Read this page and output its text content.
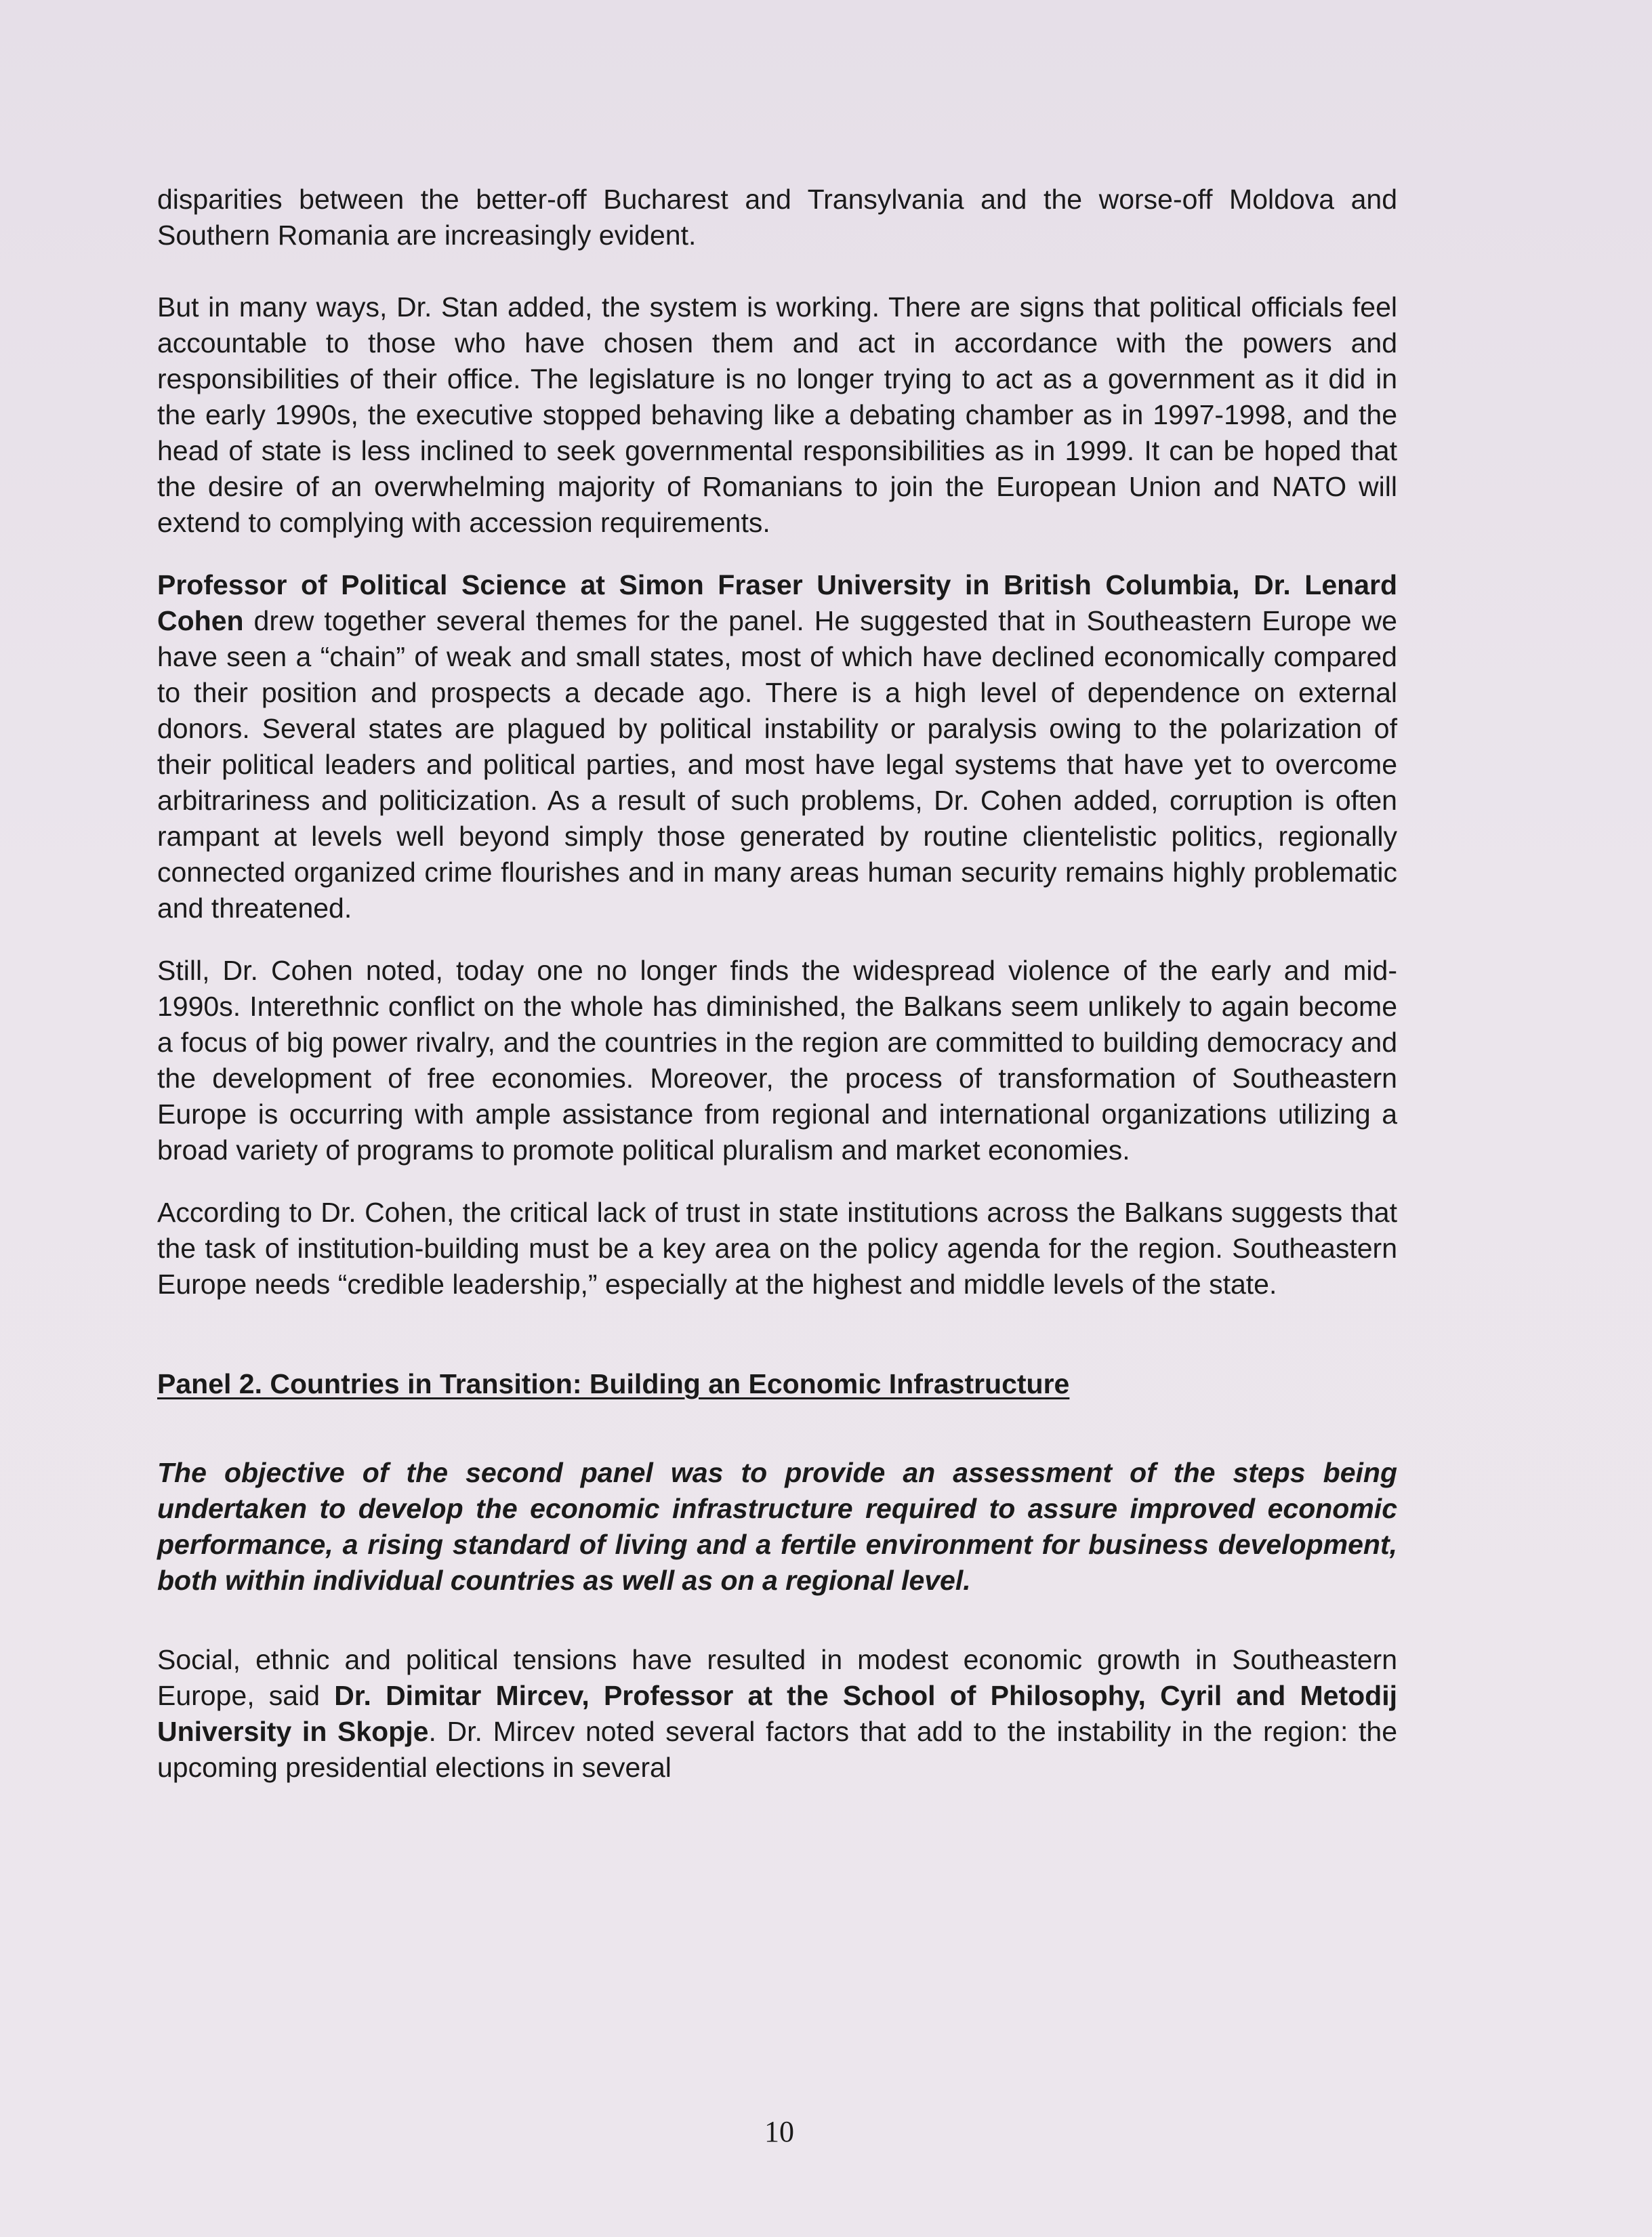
disparities between the better-off Bucharest and Transylvania and the worse-off Moldova and Southern Romania are increasingly evident.

But in many ways, Dr. Stan added, the system is working. There are signs that political officials feel accountable to those who have chosen them and act in accordance with the powers and responsibilities of their office. The legislature is no longer trying to act as a government as it did in the early 1990s, the executive stopped behaving like a debating chamber as in 1997-1998, and the head of state is less inclined to seek governmental responsibilities as in 1999. It can be hoped that the desire of an overwhelming majority of Romanians to join the European Union and NATO will extend to complying with accession requirements.

Professor of Political Science at Simon Fraser University in British Columbia, Dr. Lenard Cohen drew together several themes for the panel. He suggested that in Southeastern Europe we have seen a “chain” of weak and small states, most of which have declined economically compared to their position and prospects a decade ago. There is a high level of dependence on external donors. Several states are plagued by political instability or paralysis owing to the polarization of their political leaders and political parties, and most have legal systems that have yet to overcome arbitrariness and politicization. As a result of such problems, Dr. Cohen added, corruption is often rampant at levels well beyond simply those generated by routine clientelistic politics, regionally connected organized crime flourishes and in many areas human security remains highly problematic and threatened.

Still, Dr. Cohen noted, today one no longer finds the widespread violence of the early and mid-1990s. Interethnic conflict on the whole has diminished, the Balkans seem unlikely to again become a focus of big power rivalry, and the countries in the region are committed to building democracy and the development of free economies. Moreover, the process of transformation of Southeastern Europe is occurring with ample assistance from regional and international organizations utilizing a broad variety of programs to promote political pluralism and market economies.

According to Dr. Cohen, the critical lack of trust in state institutions across the Balkans suggests that the task of institution-building must be a key area on the policy agenda for the region. Southeastern Europe needs “credible leadership,” especially at the highest and middle levels of the state.

Panel 2. Countries in Transition: Building an Economic Infrastructure

The objective of the second panel was to provide an assessment of the steps being undertaken to develop the economic infrastructure required to assure improved economic performance, a rising standard of living and a fertile environment for business development, both within individual countries as well as on a regional level.

Social, ethnic and political tensions have resulted in modest economic growth in Southeastern Europe, said Dr. Dimitar Mircev, Professor at the School of Philosophy, Cyril and Metodij University in Skopje. Dr. Mircev noted several factors that add to the instability in the region: the upcoming presidential elections in several

10
